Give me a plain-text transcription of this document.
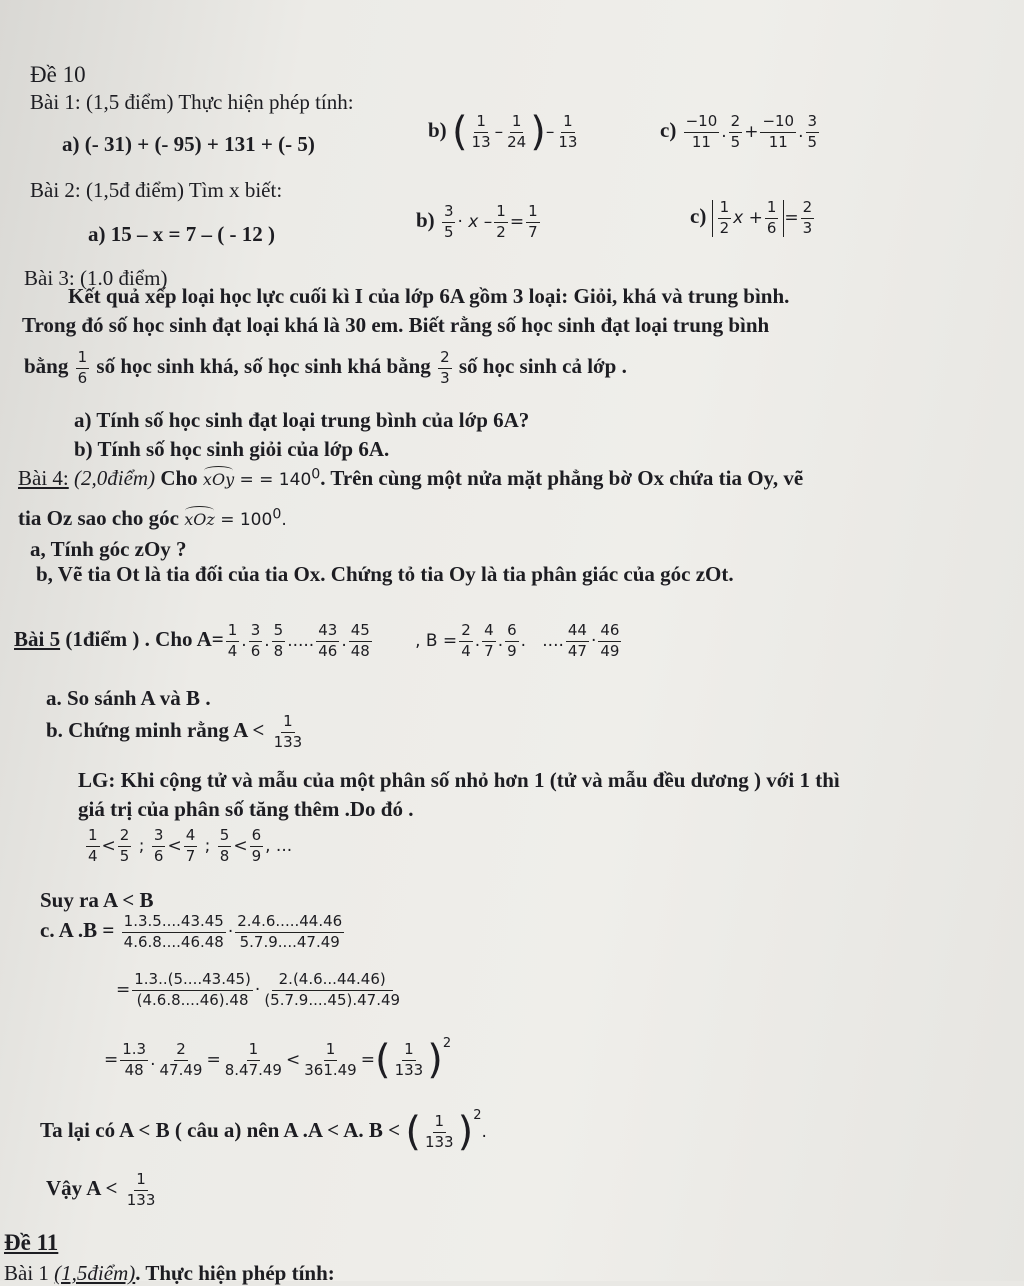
Đề 10
Bài 1: (1,5 điểm) Thực hiện phép tính:
a) (- 31) + (- 95) + 131 + (- 5)
b) ( $\frac{1}{13} - \frac{1}{24}$ )– $\frac{1}{13}$	$c) \frac{-10}{11}$ . $\frac{2}{5} + \frac{-10}{11}$ . $\frac{3}{5}$
Bài 2: (1,5đ điểm) Tìm x biết:
a) 15 – x = 7 – ( - 12 )
$b) \frac{3}{5} \cdot x - \frac{1}{2} = \frac{1}{7}$	$c) \frac{1}{2}$ $x + \frac{1}{6} = \frac{2}{3}$
Bài 3: (1.0 điểm)
Kết quả xếp loại học lực cuối kì I của lớp 6A gồm 3 loại: Giỏi, khá và trung bình.
Trong đó số học sinh đạt loại khá là 30 em. Biết rằng số học sinh đạt loại trung bình
bằng $\frac{1}{6}$ số học sinh khá, số học sinh khá bằng $\frac{2}{3}$ số học sinh cả lớp .
a) Tính số học sinh đạt loại trung bình của lớp 6A?
b) Tính số học sinh giỏi của lớp 6A.
Bài 4: (2,0điểm) Cho xOy = = $140^0$. Trên cùng một nửa mặt phẳng bờ Ox chứa tia Oy, vẽ
tia Oz sao cho góc xOz = $100^0$.
a, Tính góc zOy ?
b, Vẽ tia Ot là tia đối của tia Ox. Chứng tỏ tia Oy là tia phân giác của góc zOt.
Bài 5 (1điểm ) . Cho $A= \frac{1}{4}$ . $\frac{3}{6}$ . $\frac{5}{8}$ ..... $\frac{43}{46}$ . $\frac{45}{48}$	, $B = \frac{2}{4}$ . $\frac{4}{7}$ . $\frac{6}{9}$ .   .... $\frac{44}{47} \cdot \frac{46}{49}$
a. So sánh A và B .
b. Chứng minh rằng $A < \frac{1}{133}$
LG: Khi cộng tử và mẫu của một phân số nhỏ hơn 1 (tử và mẫu đều dương ) với 1 thì
giá trị của phân số tăng thêm .Do đó .
$\frac{1}{4} < \frac{2}{5}$ ; $\frac{3}{6} < \frac{4}{7}$ ; $\frac{5}{8} < \frac{6}{9}$ , ...
Suy ra A < B
c. A $.B = \frac{1.3.5....43.45}{4.6.8....46.48} \cdot \frac{2.4.6.....44.46}{5.7.9....47.49}$
= $\frac{1.3..(5....43.45)}{(4.6.8....46).48} \cdot \frac{2.(4.6...44.46)}{(5.7.9....45).47.49}$
= $\frac{1.3}{48}$ . $\frac{2}{47.49} = \frac{1}{8.47.49} < \frac{1}{361.49}$ =( $\frac{1}{133} )^2$
Ta lại có A < B ( câu a) nên A .A < A. B < ( $\frac{1}{133} )^2$.
Vậy $A < \frac{1}{133}$
Đề 11
Bài 1 (1,5điểm). Thực hiện phép tính:
